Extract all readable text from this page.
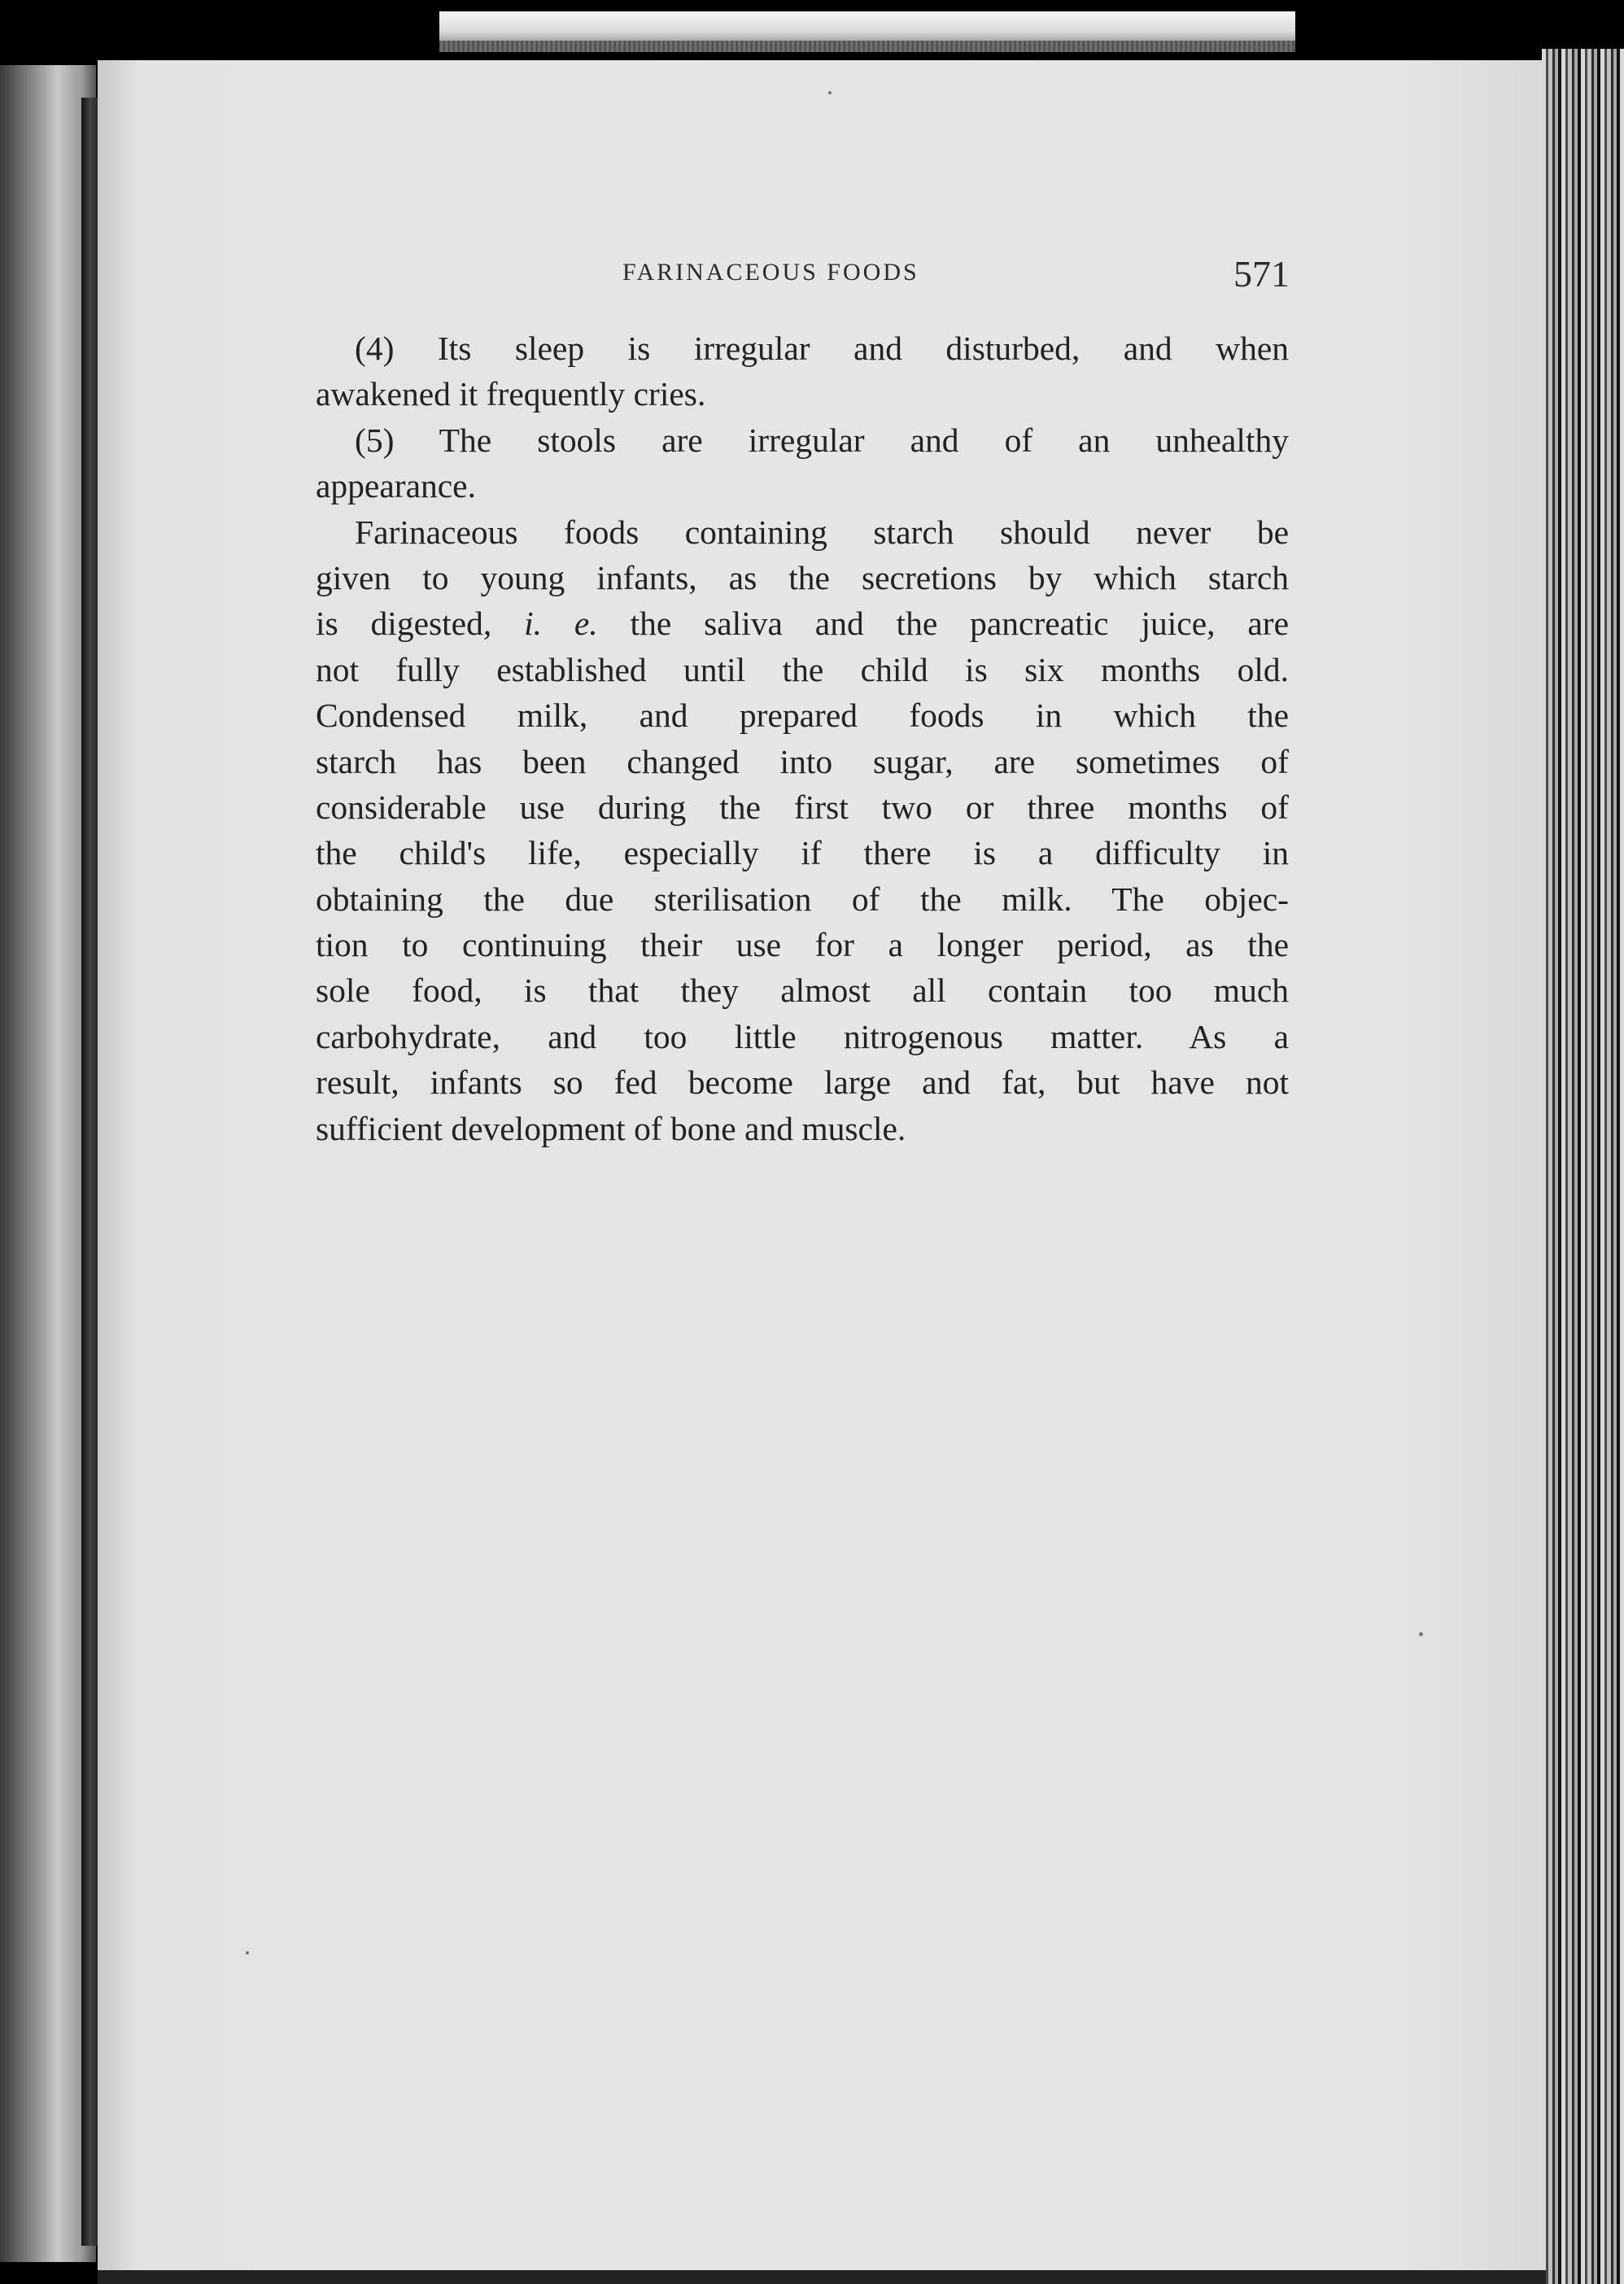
FARINACEOUS FOODS	571
(4) Its sleep is irregular and disturbed, and when
awakened it frequently cries.
(5) The stools are irregular and of an unhealthy
appearance.
Farinaceous foods containing starch should never be
given to young infants, as the secretions by which starch
is digested, i. e. the saliva and the pancreatic juice, are
not fully established until the child is six months old.
Condensed milk, and prepared foods in which the
starch has been changed into sugar, are sometimes of
considerable use during the first two or three months of
the child's life, especially if there is a difficulty in
obtaining the due sterilisation of the milk. The objec-
tion to continuing their use for a longer period, as the
sole food, is that they almost all contain too much
carbohydrate, and too little nitrogenous matter. As a
result, infants so fed become large and fat, but have not
sufficient development of bone and muscle.
